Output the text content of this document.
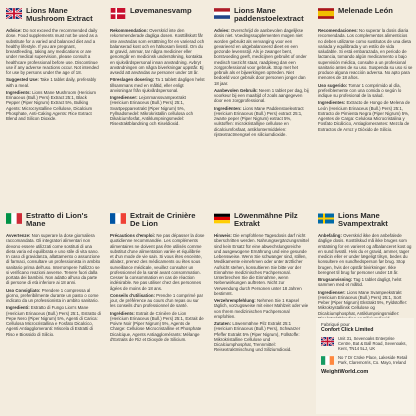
Lions Mane Mushroom Extract

Advice: Do not exceed the recommended daily dose. Food supplements must not be used as a substitute for a varied and balanced diet and a healthy lifestyle. If you are pregnant, breastfeeding, taking any medications or are under medical supervision, please consult a healthcare professional before use. Discontinue use if any adverse reactions occur. Not intended for use by persons under the age of 18.

Suggested Use: Take 1 tablet daily, preferably with a meal.

Ingredients: Lions Mane Mushroom (Hericium Erinaceus (Bull.) Pers) Extract 25:1, Black Pepper (Piper Nigrum) Extract 5%, Bulking Agents: Microcrystalline Cellulose, Dicalcium Phosphate, Anti-Caking Agents: Rice Extract Blend and Silicon Dioxide.

Løvemanesvamp

Rekommendation: Overskrid inte den rekommenderade dagliga dosen. Kosttillskott får inte användas som ersättning för en varierad och balanserad kost och en hälsosam livsstil. Om du är gravid, ammar, tar några mediciner eller genomgår en medicinsk undersökning, kontakta en sjukvårdspersonal innan användning. Avbryt användningen om några biverkningar uppstår. Ej avsedd att användas av personer under 18 år.

Föreslagen dosering: Ta 1 tablett dagligen helst tillsammans med en måltid, eller enligt anvisningar från sjukvårdspersonal.

Ingredienser: Lejonmanssvampextrakt (Hericium Erinaceus (Bull.) Pers) 25:1, Svartpepparextrakt (Piper Nigrum) 5%, Fyllnadsmedel: Mikrokristallin cellulosa och Dikalciumfosfat, Antiklumpningsmedel: Risextraktblandning och Kiseldioxid.

Lions Mane paddenstoelextract

Advies: Overschrijd de aanbevolen dagelijkse dosis niet. Voedingssupplementen mogen niet worden gebruikt als vervanging voor een gevarieerd en uitgebalanceerd dieet en een gezonde levensstijl. Als je zwanger bent, borstvoeding geeft, medicijnen gebruikt of onder medisch toezicht staat, raadpleeg dan een zorgprofessional voor gebruik. Stop met het gebruik als er bijwerkingen optreden. Niet bedoeld voor gebruik door personen jonger dan 18 jaar.

Aanbevolen Gebruik: Neem 1 tablet per dag, bij voorkeur bij een maaltijd of zoals aangegeven door een zorgprofessional.

Ingrediënten: Lions Mane Paddenstoelextract (Hericium Erinaceus (Bull.) Pers) extract 25:1, zwarte peper (Piper Nigrum) extract 5%, vulstoffen: microkristallijne cellulose en dicalciumfosfaat, antiklontermiddelen: rijstextractmengsel en siliciumdioxide.

Melenade León

Recomendaciones: No superar la dosis diaria recomendada. Los complementos alimenticios no deben utilizarse como sustitutos de una dieta variada y equilibrada y un estilo de vida saludable. Si está embarazada, en periodo de lactancia, tomando algún medicamento o bajo supervisión médica, consulte a un profesional sanitario antes de su uso. Suspenda su uso si se produce alguna reacción adversa. No apto para menores de 18 años.

Uso sugerido: Tomar 1 comprimido al día, preferiblemente con una comida o según lo indique su profesional de la salud.

Ingredientes: Extracto de Hongo de Melena de León (Hericium Erinaceus (Bull.) Pers) 25:1, Extracto de Pimienta Negra (Piper Nigrum) 5%, Agentes de Carga: Celulosa Microcristalina y Fosfato Dicálcico, Antiaglomerantes: Mezcla de Extractos de Arroz y Dióxido de Silicio.

Estratto di Lion's Mane

Avvertenze: Non superare la dose giornaliera raccomandata. Gli integratori alimentari non devono essere utilizzati come sostituti di una dieta varia ed equilibrata e uno stile di vita sano. In caso di gravidanza, allattamento o assunzione di farmaci, consultare un professionista in ambito sanitario prima dell'uso. Interrompere l'utilizzo se si verificano reazioni avverse. Tenere fuori dalla portata dei bambini. Non adatto all'uso da parte di persone di età inferiore ai 18 anni.

Uso Consigliato: Prendere 1 compressa al giorno, preferibilmente durante un pasto o come indicato da un professionista in ambito sanitario.

Ingredienti: Estratto di Fungo Lion's Mane (Hericium Erinaceus (Bull.) Pers) 25:1, Estratto di Pepe Nero (Piper Nigrum) 5%, Agenti di Carica: Cellulosa Microcristallina e Fosfato Dicalcico, Agenti Antiagglomeranti: Miscela di Estratti di Riso e Biossido di Silicio.

Extrait de Crinière De Lion

Précautions d'emploi: Ne pas dépasser la dose quotidienne recommandée. Les compléments alimentaires ne doivent pas être utilisés comme substitut d'une alimentation variée et équilibrée et d'un mode de vie sain. Si vous êtes enceinte, allaitez, prenez des médicaments ou êtes sous surveillance médicale, veuillez consulter un professionnel de la santé avant consommation. Cesser la consommation en cas de réaction indésirable. Ne pas utiliser chez des personnes âgées de moins de 18 ans.

Conseils d'utilisation: Prendre 1 comprimé par jour, de préférence au cours d'un repas ou sur les conseils d'un professionnel de santé.

Ingrédients: Extrait de Crinière de Lion (Hericium Erinaceus (Bull.) Pers) 25:1, Extrait de Poivre Noir (Piper Nigrum) 5%, Agents de Charge: Cellulose Microcristalline et Phosphate Dicalcique, Agents Antiagglomérants: Mélange d'Extraits de Riz et Dioxyde de Silicium.

Löwenmähne Pilz Extrakt

Hinweis: Die empfohlene Tagesdosis darf nicht überschritten werden. Nahrungsergänzungsmittel sind kein Ersatz für eine abwechslungsreiche und ausgewogene Ernährung und eine gesunde Lebensweise. Wenn Sie schwanger sind, stillen, Medikamente einnehmen oder unter ärztlicher Aufsicht stehen, konsultieren Sie bitte vor der Einnahme medizinisches Fachpersonal. Unterbrechen Sie die Einnahme, wenn Nebenwirkungen auftreten. Nicht zur Verwendung durch Personen unter 18 Jahren bestimmt.

Verzehrempfehlung: Nehmen Sie 1 Kapsel täglich, vorzugsweise mit einer Mahlzeit oder wie von Ihrem medizinischen Fachpersonal empfohlen.

Zutaten: Löwenmähne Pilz Extrakt 25:1 (Hericium Erinaceus (Bull.) Pers), Schwarzer Pfeffer Extrakt 5% (Piper Nigrum), Füllstoffe: Mikrokristalline Cellulose und Dicalciumphosphat, Trennmittel: Reisextraktmischung und Siliziumdioxid.

Lions Mane Svampextrakt

Anbefaling: Overskrid ikke den anbefalede daglige dosis. Kosttilskud må ikke bruges som erstatning for en varieret og afbalanceret kost og en sund livsstil. Hvis du er gravid, ammer, tager medicin eller er under lægeligt tilsyn, bedes du konsultere en sundhedsperson før brug. Stop brugen, hvis der opstår bivirkninger. Ikke beregnet til brug for personer under 18 år.

Brugsanvisning: Tag 1 tablet dagligt, helst sammen med et måltid.

Ingredienser: Lions Mane Svampeekstrakt (Hericium Erinaceus (Bull.) Pers) 25:1, Sort Peber (Piper Nigrum) Ekstrakt 5%, Fyldstoffer: Mikrokrystallinsk Cellulose og Dicalciumphosphat, Antiklumpningsmidler:

Fabriqué pour
Confort Click Limited
Unit 31, Sevenoaks Enterprise Centre, Bat & Ball Road, Sevenoaks, Kent, TN14 5LJ, UK
No 7 Dr Croke Place, Lakeside Retail Park, Claremorris, Co. Mayo, Ireland
WeightWorld.com
